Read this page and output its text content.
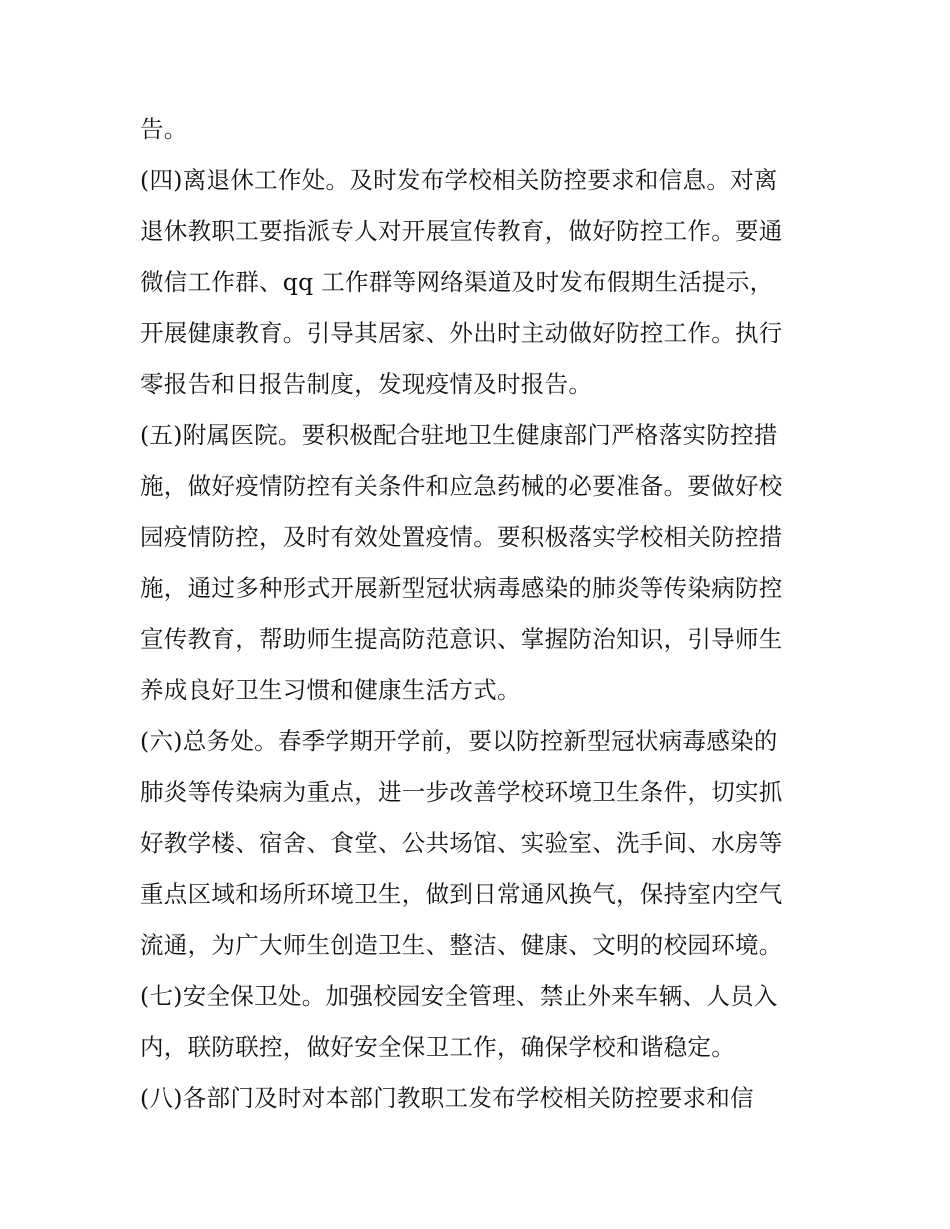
告。
(四)离退休工作处。及时发布学校相关防控要求和信息。对离
退休教职工要指派专人对开展宣传教育，做好防控工作。要通
微信工作群、qq 工作群等网络渠道及时发布假期生活提示，
开展健康教育。引导其居家、外出时主动做好防控工作。执行
零报告和日报告制度，发现疫情及时报告。
(五)附属医院。要积极配合驻地卫生健康部门严格落实防控措
施，做好疫情防控有关条件和应急药械的必要准备。要做好校
园疫情防控，及时有效处置疫情。要积极落实学校相关防控措
施，通过多种形式开展新型冠状病毒感染的肺炎等传染病防控
宣传教育，帮助师生提高防范意识、掌握防治知识，引导师生
养成良好卫生习惯和健康生活方式。
(六)总务处。春季学期开学前，要以防控新型冠状病毒感染的
肺炎等传染病为重点，进一步改善学校环境卫生条件，切实抓
好教学楼、宿舍、食堂、公共场馆、实验室、洗手间、水房等
重点区域和场所环境卫生，做到日常通风换气，保持室内空气
流通，为广大师生创造卫生、整洁、健康、文明的校园环境。
(七)安全保卫处。加强校园安全管理、禁止外来车辆、人员入
内，联防联控，做好安全保卫工作，确保学校和谐稳定。
(八)各部门及时对本部门教职工发布学校相关防控要求和信
